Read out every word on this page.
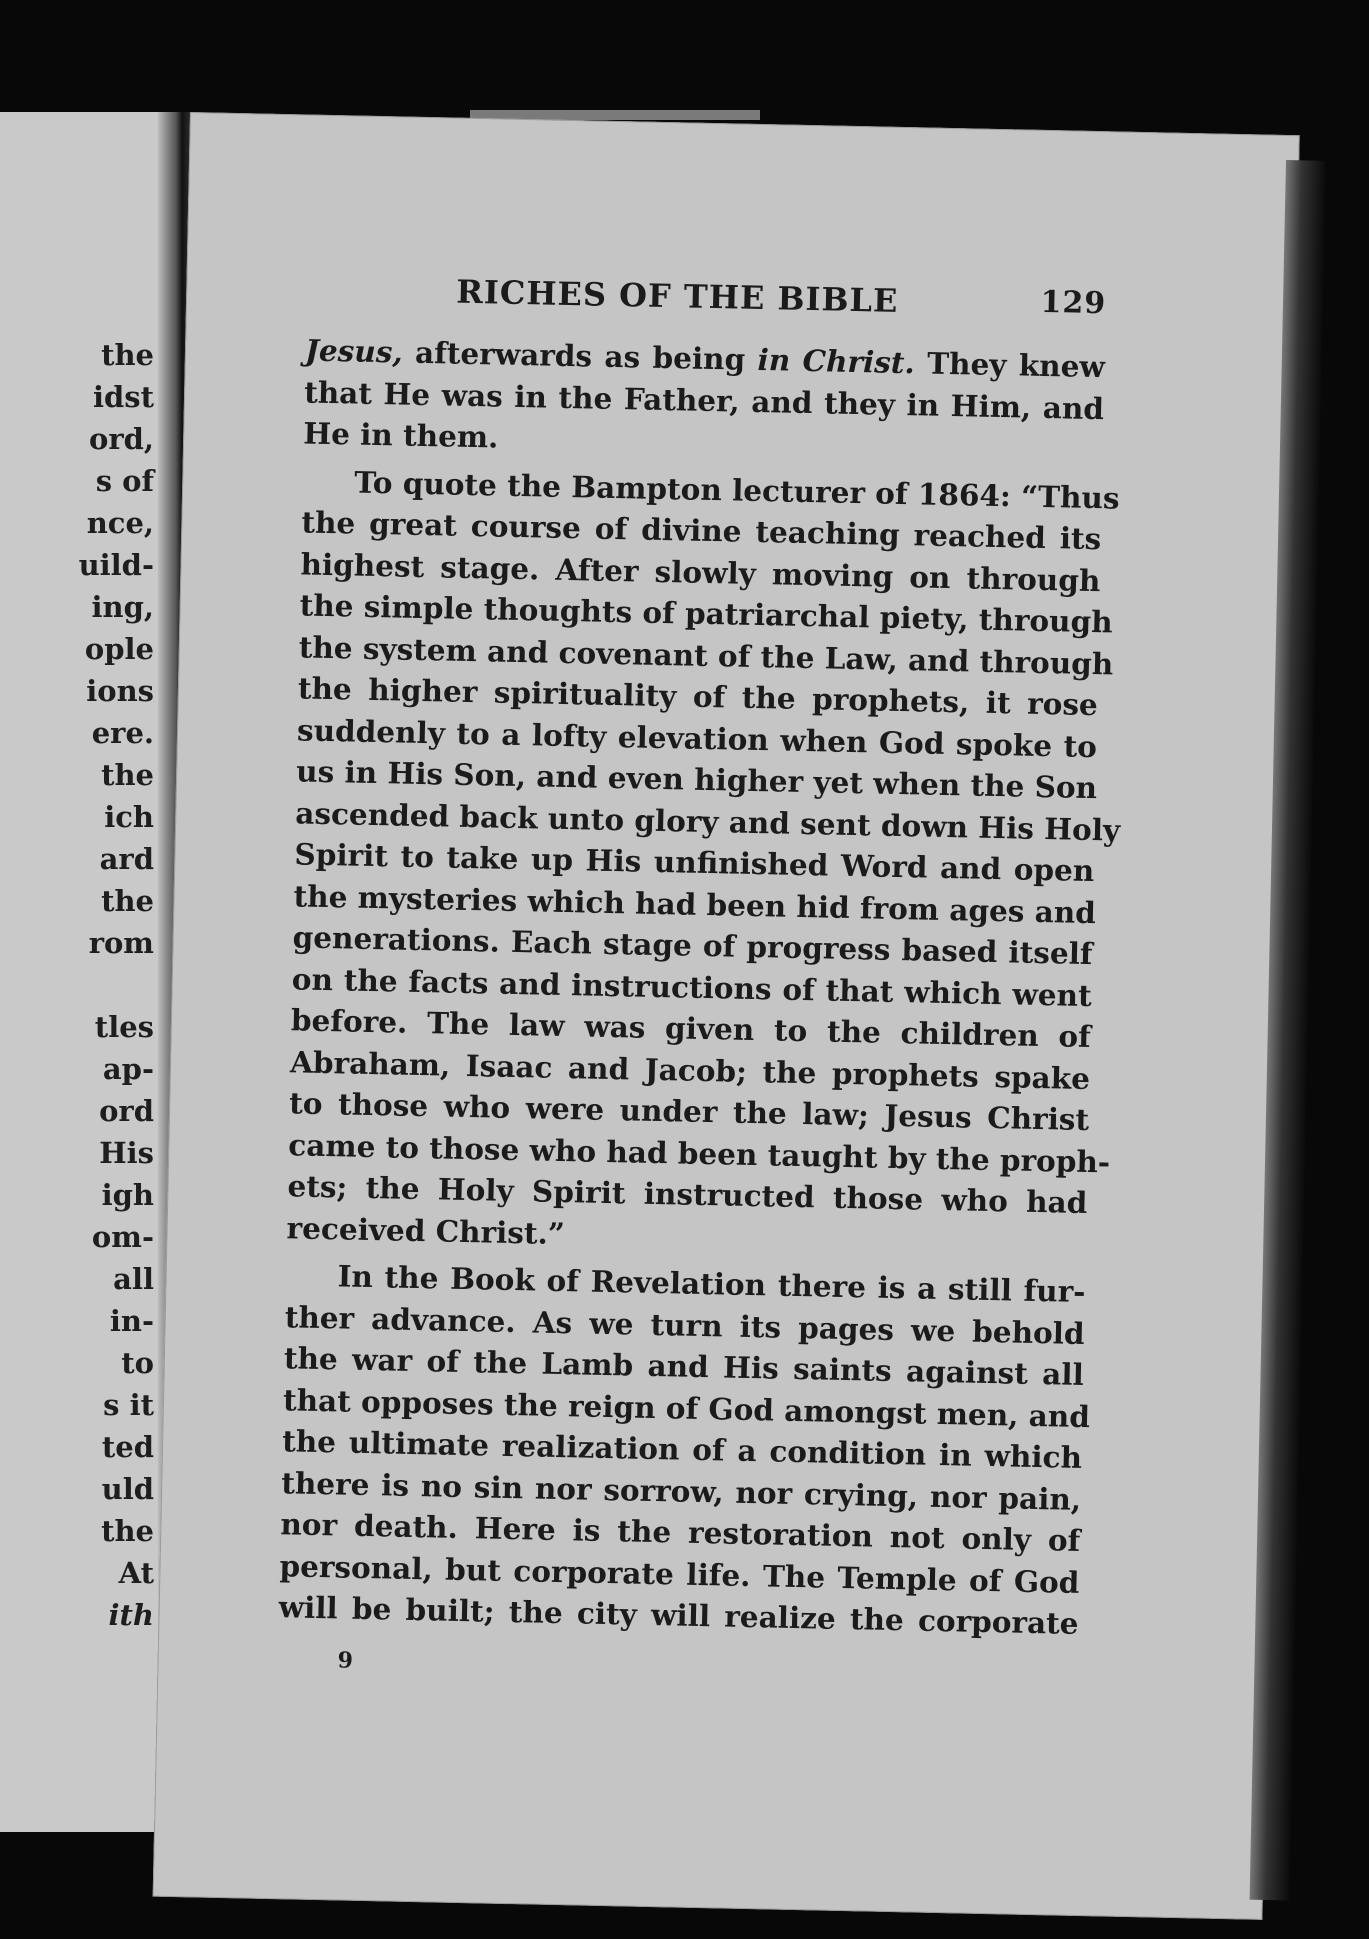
the
idst
ord,
s of
nce,
uild-
ing,
ople
ions
ere.
the
ich
ard
the
rom
tles
ap-
ord
His
igh
om-
all
in-
to
s it
ted
uld
the
At
ith
RICHES OF THE BIBLE	129

Jesus, afterwards as being in Christ. They knew
that He was in the Father, and they in Him, and
He in them.

To quote the Bampton lecturer of 1864: “Thus
the great course of divine teaching reached its
highest stage. After slowly moving on through
the simple thoughts of patriarchal piety, through
the system and covenant of the Law, and through
the higher spirituality of the prophets, it rose
suddenly to a lofty elevation when God spoke to
us in His Son, and even higher yet when the Son
ascended back unto glory and sent down His Holy
Spirit to take up His unfinished Word and open
the mysteries which had been hid from ages and
generations. Each stage of progress based itself
on the facts and instructions of that which went
before. The law was given to the children of
Abraham, Isaac and Jacob; the prophets spake
to those who were under the law; Jesus Christ
came to those who had been taught by the proph-
ets; the Holy Spirit instructed those who had
received Christ.”

In the Book of Revelation there is a still fur-
ther advance. As we turn its pages we behold
the war of the Lamb and His saints against all
that opposes the reign of God amongst men, and
the ultimate realization of a condition in which
there is no sin nor sorrow, nor crying, nor pain,
nor death. Here is the restoration not only of
personal, but corporate life. The Temple of God
will be built; the city will realize the corporate

9
